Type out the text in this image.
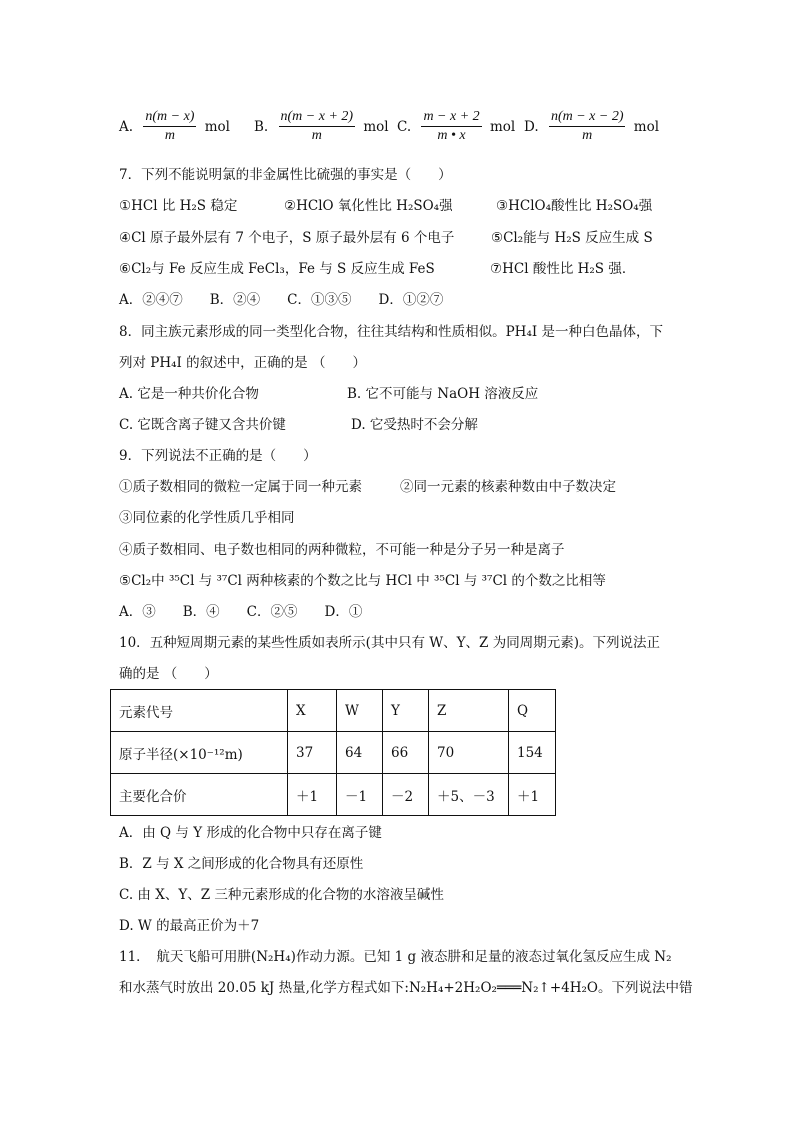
A. $\frac{n(m - x)}{m}$ mol B. $\frac{n(m - x + 2)}{m}$ mol C. $\frac{m - x + 2}{m • x}$ mol D. $\frac{n(m - x - 2)}{m}$ mol
7．下列不能说明氯的非金属性比硫强的事实是（　　）
①HCl 比 H₂S 稳定	②HClO 氧化性比 H₂SO₄强	③HClO₄酸性比 H₂SO₄强
④Cl 原子最外层有 7 个电子，S 原子最外层有 6 个电子	⑤Cl₂能与 H₂S 反应生成 S
⑥Cl₂与 Fe 反应生成 FeCl₃，Fe 与 S 反应生成 FeS	⑦HCl 酸性比 H₂S 强．
A．②④⑦　　B．②④　　C．①③⑤　　D．①②⑦
8．同主族元素形成的同一类型化合物，往往其结构和性质相似。PH₄I 是一种白色晶体，下
列对 PH₄I 的叙述中，正确的是 （　　）
A. 它是一种共价化合物	B. 它不可能与 NaOH 溶液反应
C. 它既含离子键又含共价键	D. 它受热时不会分解
9．下列说法不正确的是（　　）
①质子数相同的微粒一定属于同一种元素	②同一元素的核素种数由中子数决定
③同位素的化学性质几乎相同
④质子数相同、电子数也相同的两种微粒，不可能一种是分子另一种是离子
⑤Cl₂中 ³⁵Cl 与 ³⁷Cl 两种核素的个数之比与 HCl 中 ³⁵Cl 与 ³⁷Cl 的个数之比相等
A．③　　B．④　　C．②⑤　　D．①
10．五种短周期元素的某些性质如表所示(其中只有 W、Y、Z 为同周期元素)。下列说法正
确的是 （　　）
元素代号	X	W	Y	Z	Q
原子半径(×10⁻¹²m)	37	64	66	70	154
主要化合价	＋1	－1	－2	＋5、－3	＋1
A．由 Q 与 Y 形成的化合物中只存在离子键
B．Z 与 X 之间形成的化合物具有还原性
C. 由 X、Y、Z 三种元素形成的化合物的水溶液呈碱性
D. W 的最高正价为＋7
11．　航天飞船可用肼(N₂H₄)作动力源。已知 1 g 液态肼和足量的液态过氧化氢反应生成 N₂
和水蒸气时放出 20.05 kJ 热量,化学方程式如下:N₂H₄+2H₂O₂═══N₂↑+4H₂O。下列说法中错
